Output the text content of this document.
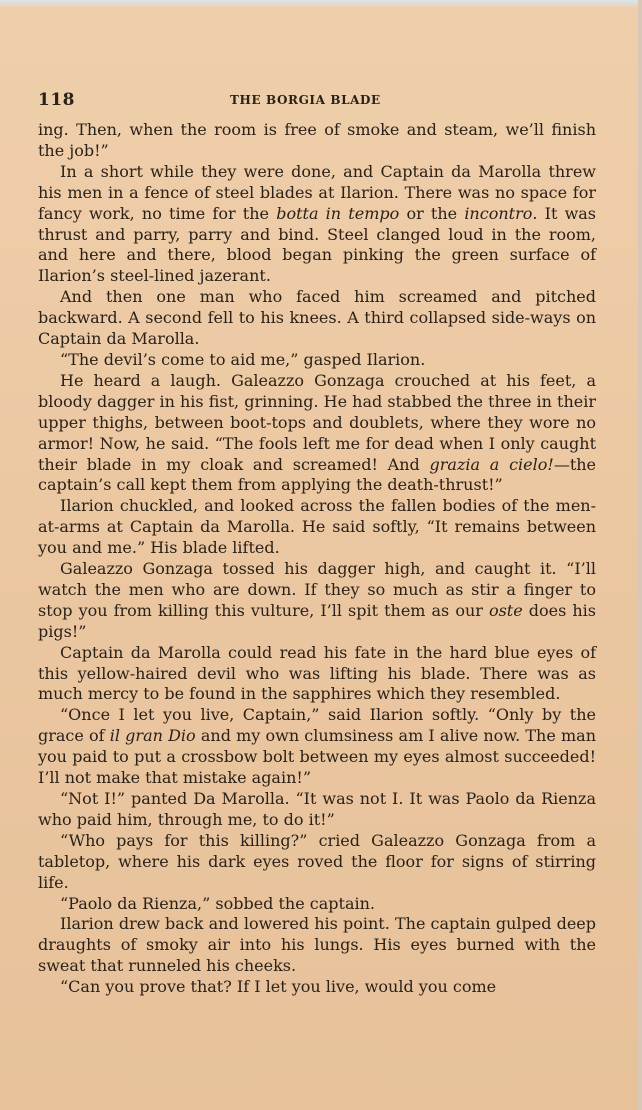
118	THE BORGIA BLADE

ing. Then, when the room is free of smoke and steam, we’ll finish the job!”

In a short while they were done, and Captain da Marolla threw his men in a fence of steel blades at Ilarion. There was no space for fancy work, no time for the botta in tempo or the incontro. It was thrust and parry, parry and bind. Steel clanged loud in the room, and here and there, blood began pinking the green surface of Ilarion’s steel-lined jazerant.

And then one man who faced him screamed and pitched backward. A second fell to his knees. A third collapsed side-ways on Captain da Marolla.

“The devil’s come to aid me,” gasped Ilarion.

He heard a laugh. Galeazzo Gonzaga crouched at his feet, a bloody dagger in his fist, grinning. He had stabbed the three in their upper thighs, between boot-tops and doublets, where they wore no armor! Now, he said. “The fools left me for dead when I only caught their blade in my cloak and screamed! And grazia a cielo!—the captain’s call kept them from applying the death-thrust!”

Ilarion chuckled, and looked across the fallen bodies of the men-at-arms at Captain da Marolla. He said softly, “It remains between you and me.” His blade lifted.

Galeazzo Gonzaga tossed his dagger high, and caught it. “I’ll watch the men who are down. If they so much as stir a finger to stop you from killing this vulture, I’ll spit them as our oste does his pigs!”

Captain da Marolla could read his fate in the hard blue eyes of this yellow-haired devil who was lifting his blade. There was as much mercy to be found in the sapphires which they resembled.

“Once I let you live, Captain,” said Ilarion softly. “Only by the grace of il gran Dio and my own clumsiness am I alive now. The man you paid to put a crossbow bolt between my eyes almost succeeded! I’ll not make that mistake again!”

“Not I!” panted Da Marolla. “It was not I. It was Paolo da Rienza who paid him, through me, to do it!”

“Who pays for this killing?” cried Galeazzo Gonzaga from a tabletop, where his dark eyes roved the floor for signs of stirring life.

“Paolo da Rienza,” sobbed the captain.

Ilarion drew back and lowered his point. The captain gulped deep draughts of smoky air into his lungs. His eyes burned with the sweat that runneled his cheeks.

“Can you prove that? If I let you live, would you come
